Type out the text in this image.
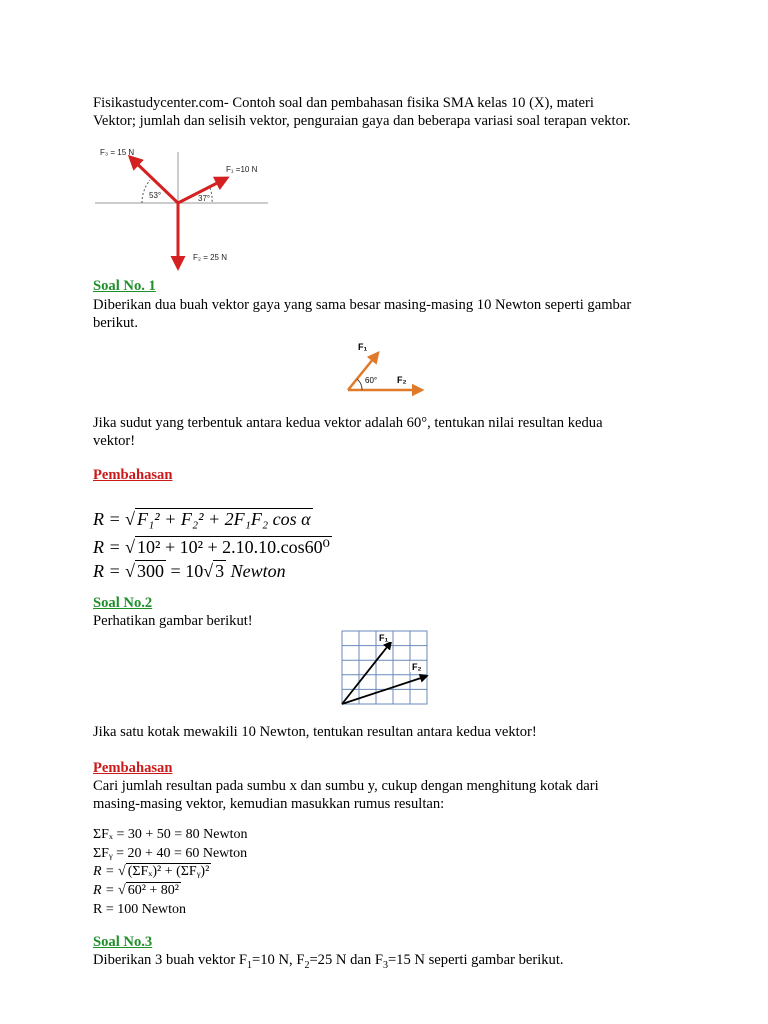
Fisikastudycenter.com- Contoh soal dan pembahasan fisika SMA kelas 10 (X), materi
Vektor; jumlah dan selisih vektor, penguraian gaya dan beberapa variasi soal terapan vektor.
F₃ = 15 N
F₁ =10 N
F₂ = 25 N
53°	37°
Soal No. 1
Diberikan dua buah vektor gaya yang sama besar masing-masing 10 Newton seperti gambar
berikut.
F₁
F₂
60°
Jika sudut yang terbentuk antara kedua vektor adalah 60°, tentukan nilai resultan kedua
vektor!
Pembahasan
R = √ F₁² + F₂² + 2F₁F₂ cos α
R = √ 10² + 10² + 2.10.10.cos60⁰
R = √ 300 = 10√ 3 Newton
Soal No.2
Perhatikan gambar berikut!
F₁
F₂
Jika satu kotak mewakili 10 Newton, tentukan resultan antara kedua vektor!
Pembahasan
Cari jumlah resultan pada sumbu x dan sumbu y, cukup dengan menghitung kotak dari
masing-masing vektor, kemudian masukkan rumus resultan:
ΣFₓ = 30 + 50 = 80 Newton
ΣFᵧ = 20 + 40 = 60 Newton
R = √ (ΣFₓ)² + (ΣFᵧ)²
R = √ 60² + 80²
R = 100 Newton
Soal No.3
Diberikan 3 buah vektor $F_1=10$ N, $F_2=25$ N dan $F_3=15$ N seperti gambar berikut.
